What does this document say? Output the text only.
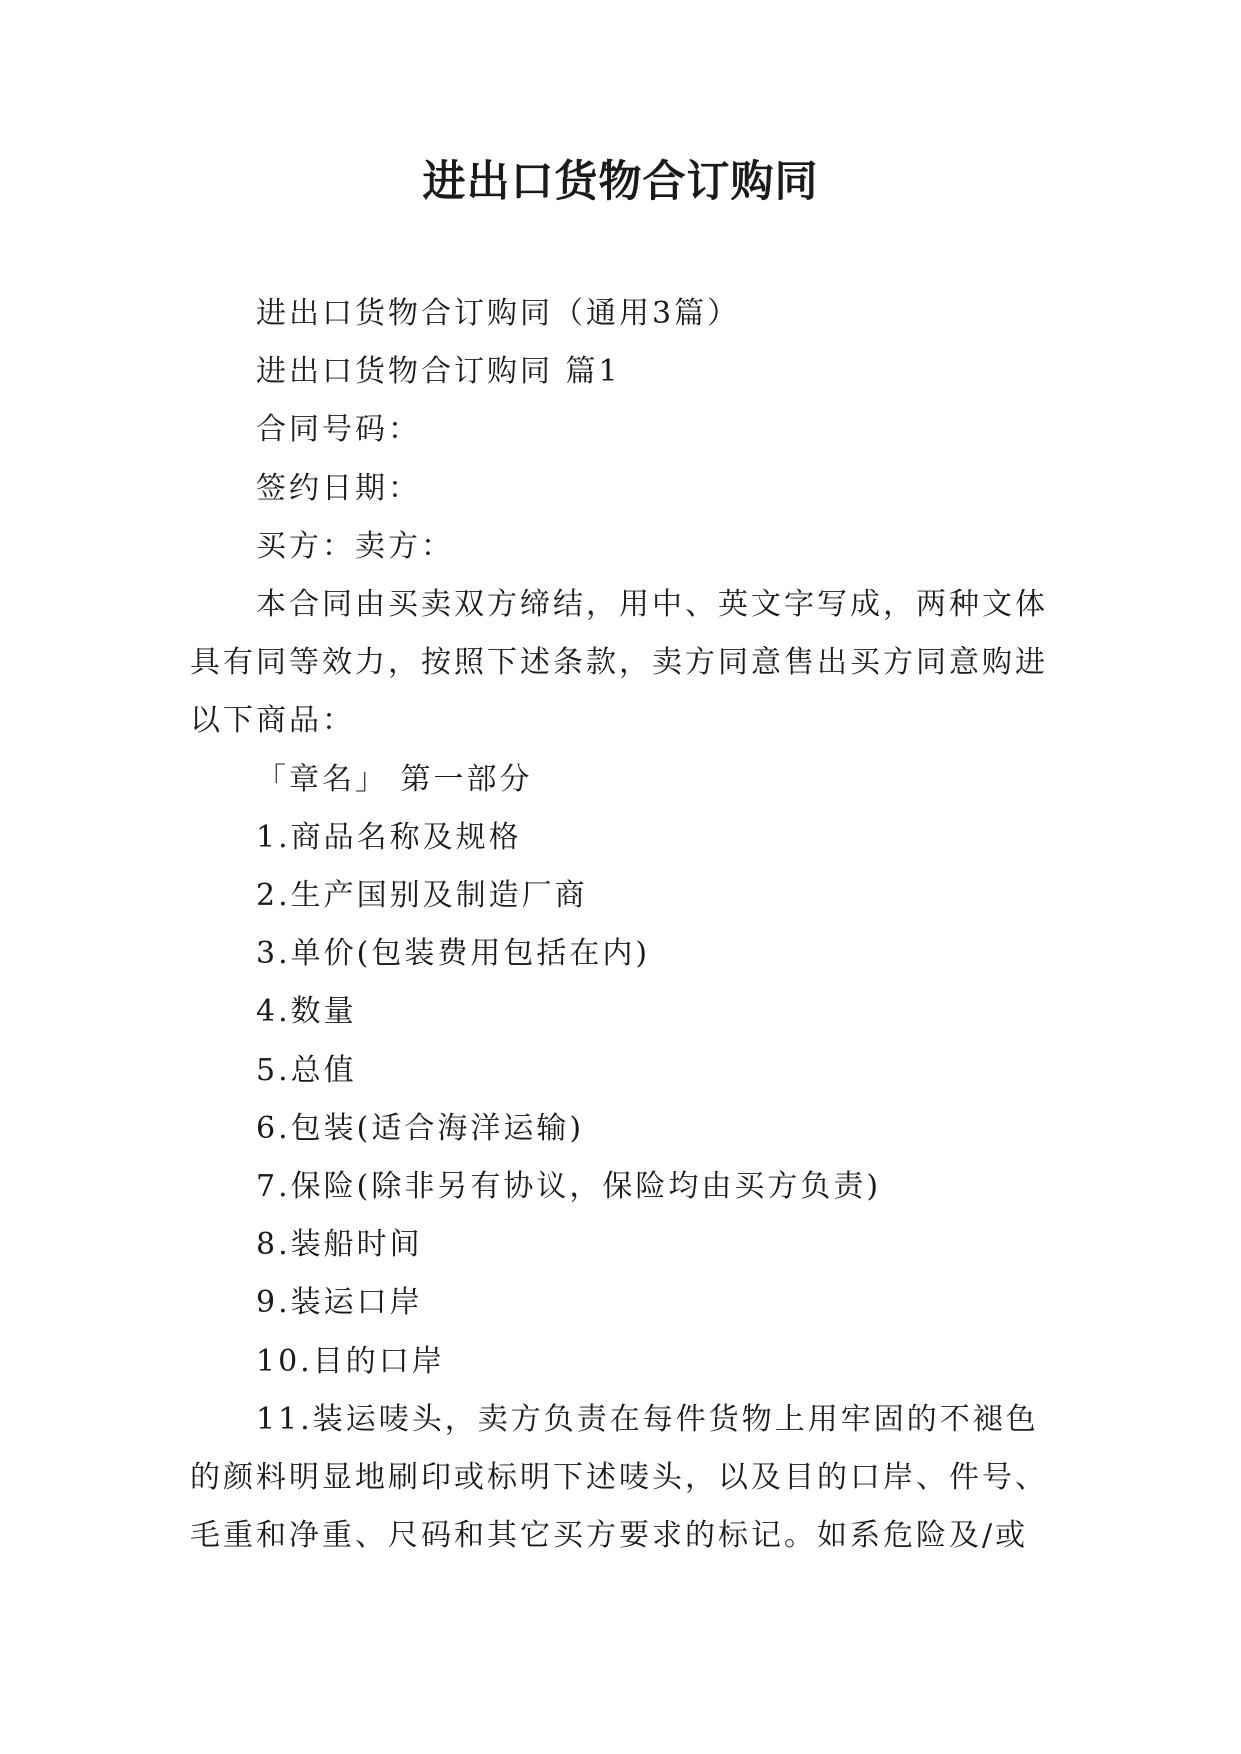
进出口货物合订购同

进出口货物合订购同（通用3篇）

进出口货物合订购同 篇1

合同号码：

签约日期：

买方：卖方：

本合同由买卖双方缔结，用中、英文字写成，两种文体具有同等效力，按照下述条款，卖方同意售出买方同意购进以下商品：

「章名」 第一部分

1.商品名称及规格

2.生产国别及制造厂商

3.单价(包装费用包括在内)

4.数量

5.总值

6.包装(适合海洋运输)

7.保险(除非另有协议，保险均由买方负责)

8.装船时间

9.装运口岸

10.目的口岸

11.装运唛头，卖方负责在每件货物上用牢固的不褪色的颜料明显地刷印或标明下述唛头，以及目的口岸、件号、毛重和净重、尺码和其它买方要求的标记。如系危险及/或
